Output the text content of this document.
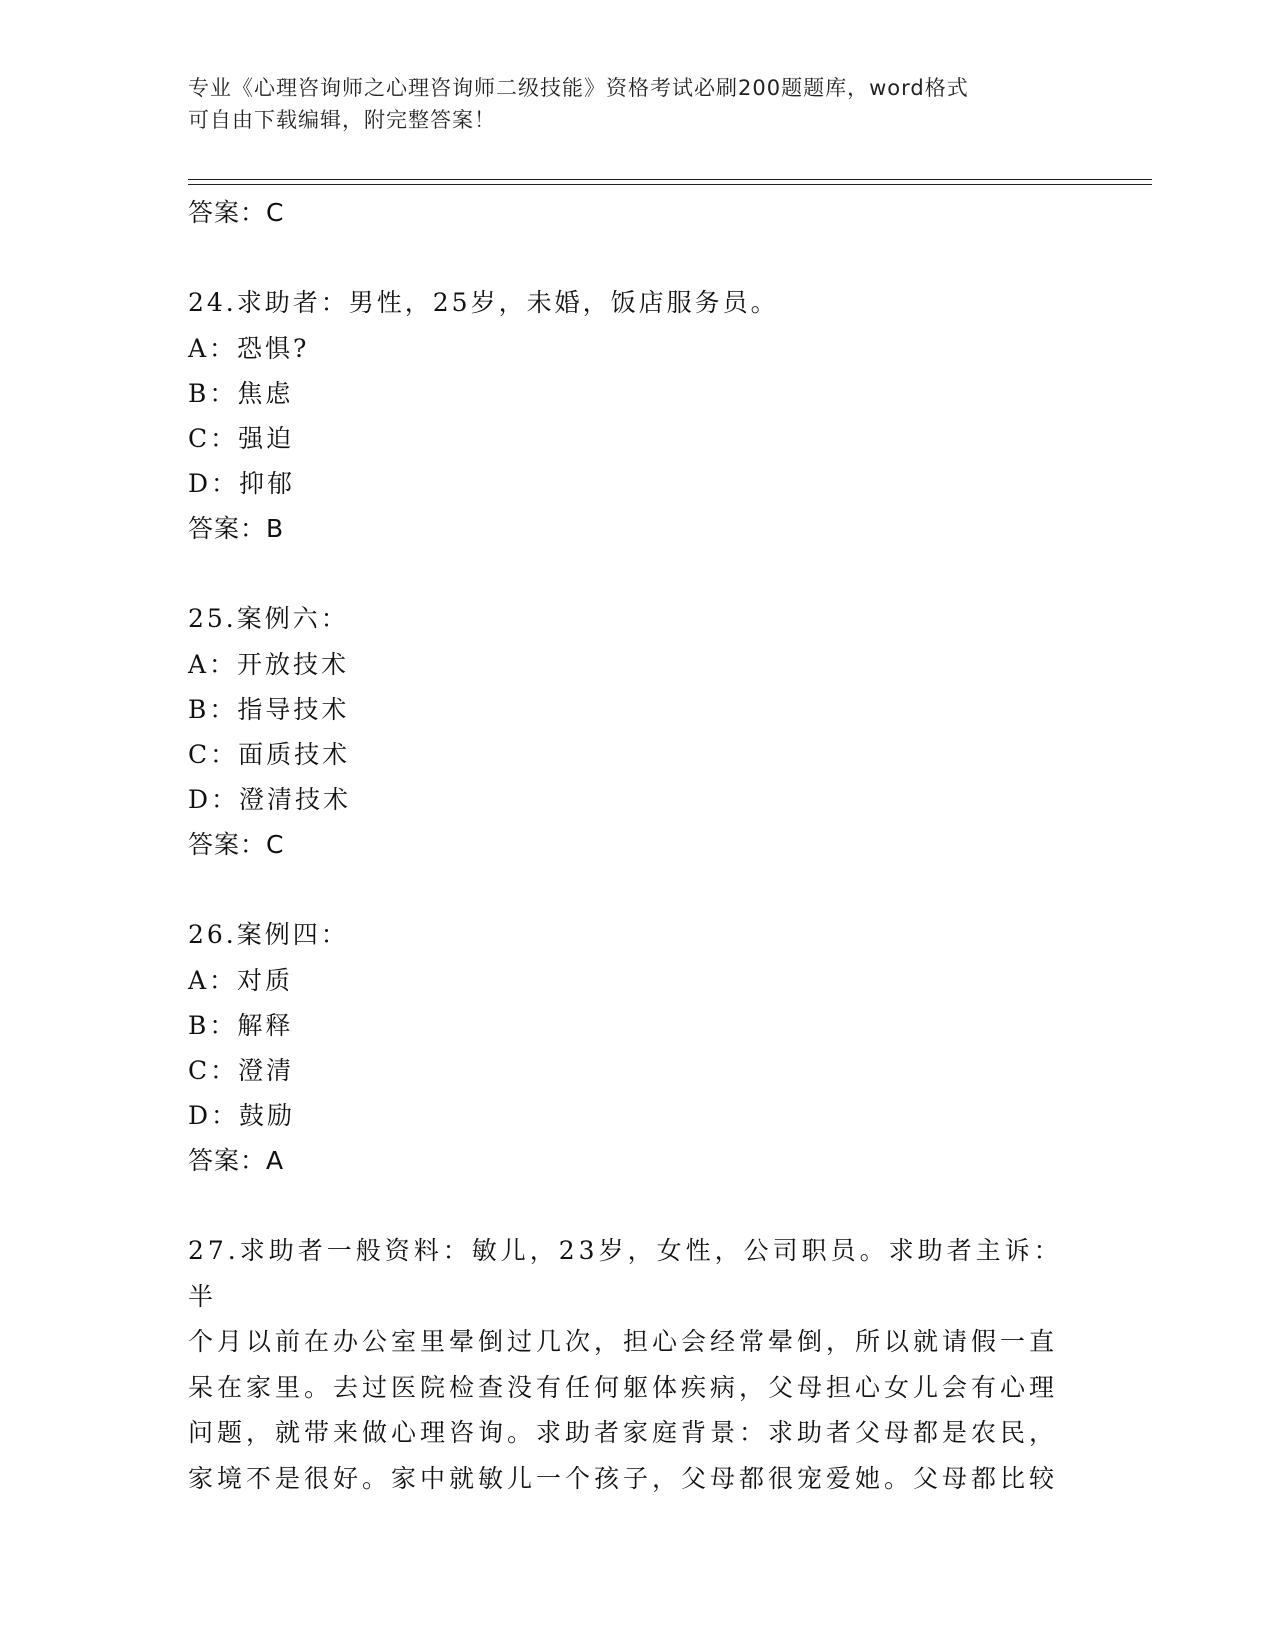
专业《心理咨询师之心理咨询师二级技能》资格考试必刷200题题库，word格式
可自由下载编辑，附完整答案！
答案：C
24.求助者：男性，25岁，未婚，饭店服务员。
A：恐惧?
B：焦虑
C：强迫
D：抑郁
答案：B
25.案例六：
A：开放技术
B：指导技术
C：面质技术
D：澄清技术
答案：C
26.案例四：
A：对质
B：解释
C：澄清
D：鼓励
答案：A
27.求助者一般资料：敏儿，23岁，女性，公司职员。求助者主诉：半
个月以前在办公室里晕倒过几次，担心会经常晕倒，所以就请假一直
呆在家里。去过医院检查没有任何躯体疾病，父母担心女儿会有心理
问题，就带来做心理咨询。求助者家庭背景：求助者父母都是农民，
家境不是很好。家中就敏儿一个孩子，父母都很宠爱她。父母都比较
